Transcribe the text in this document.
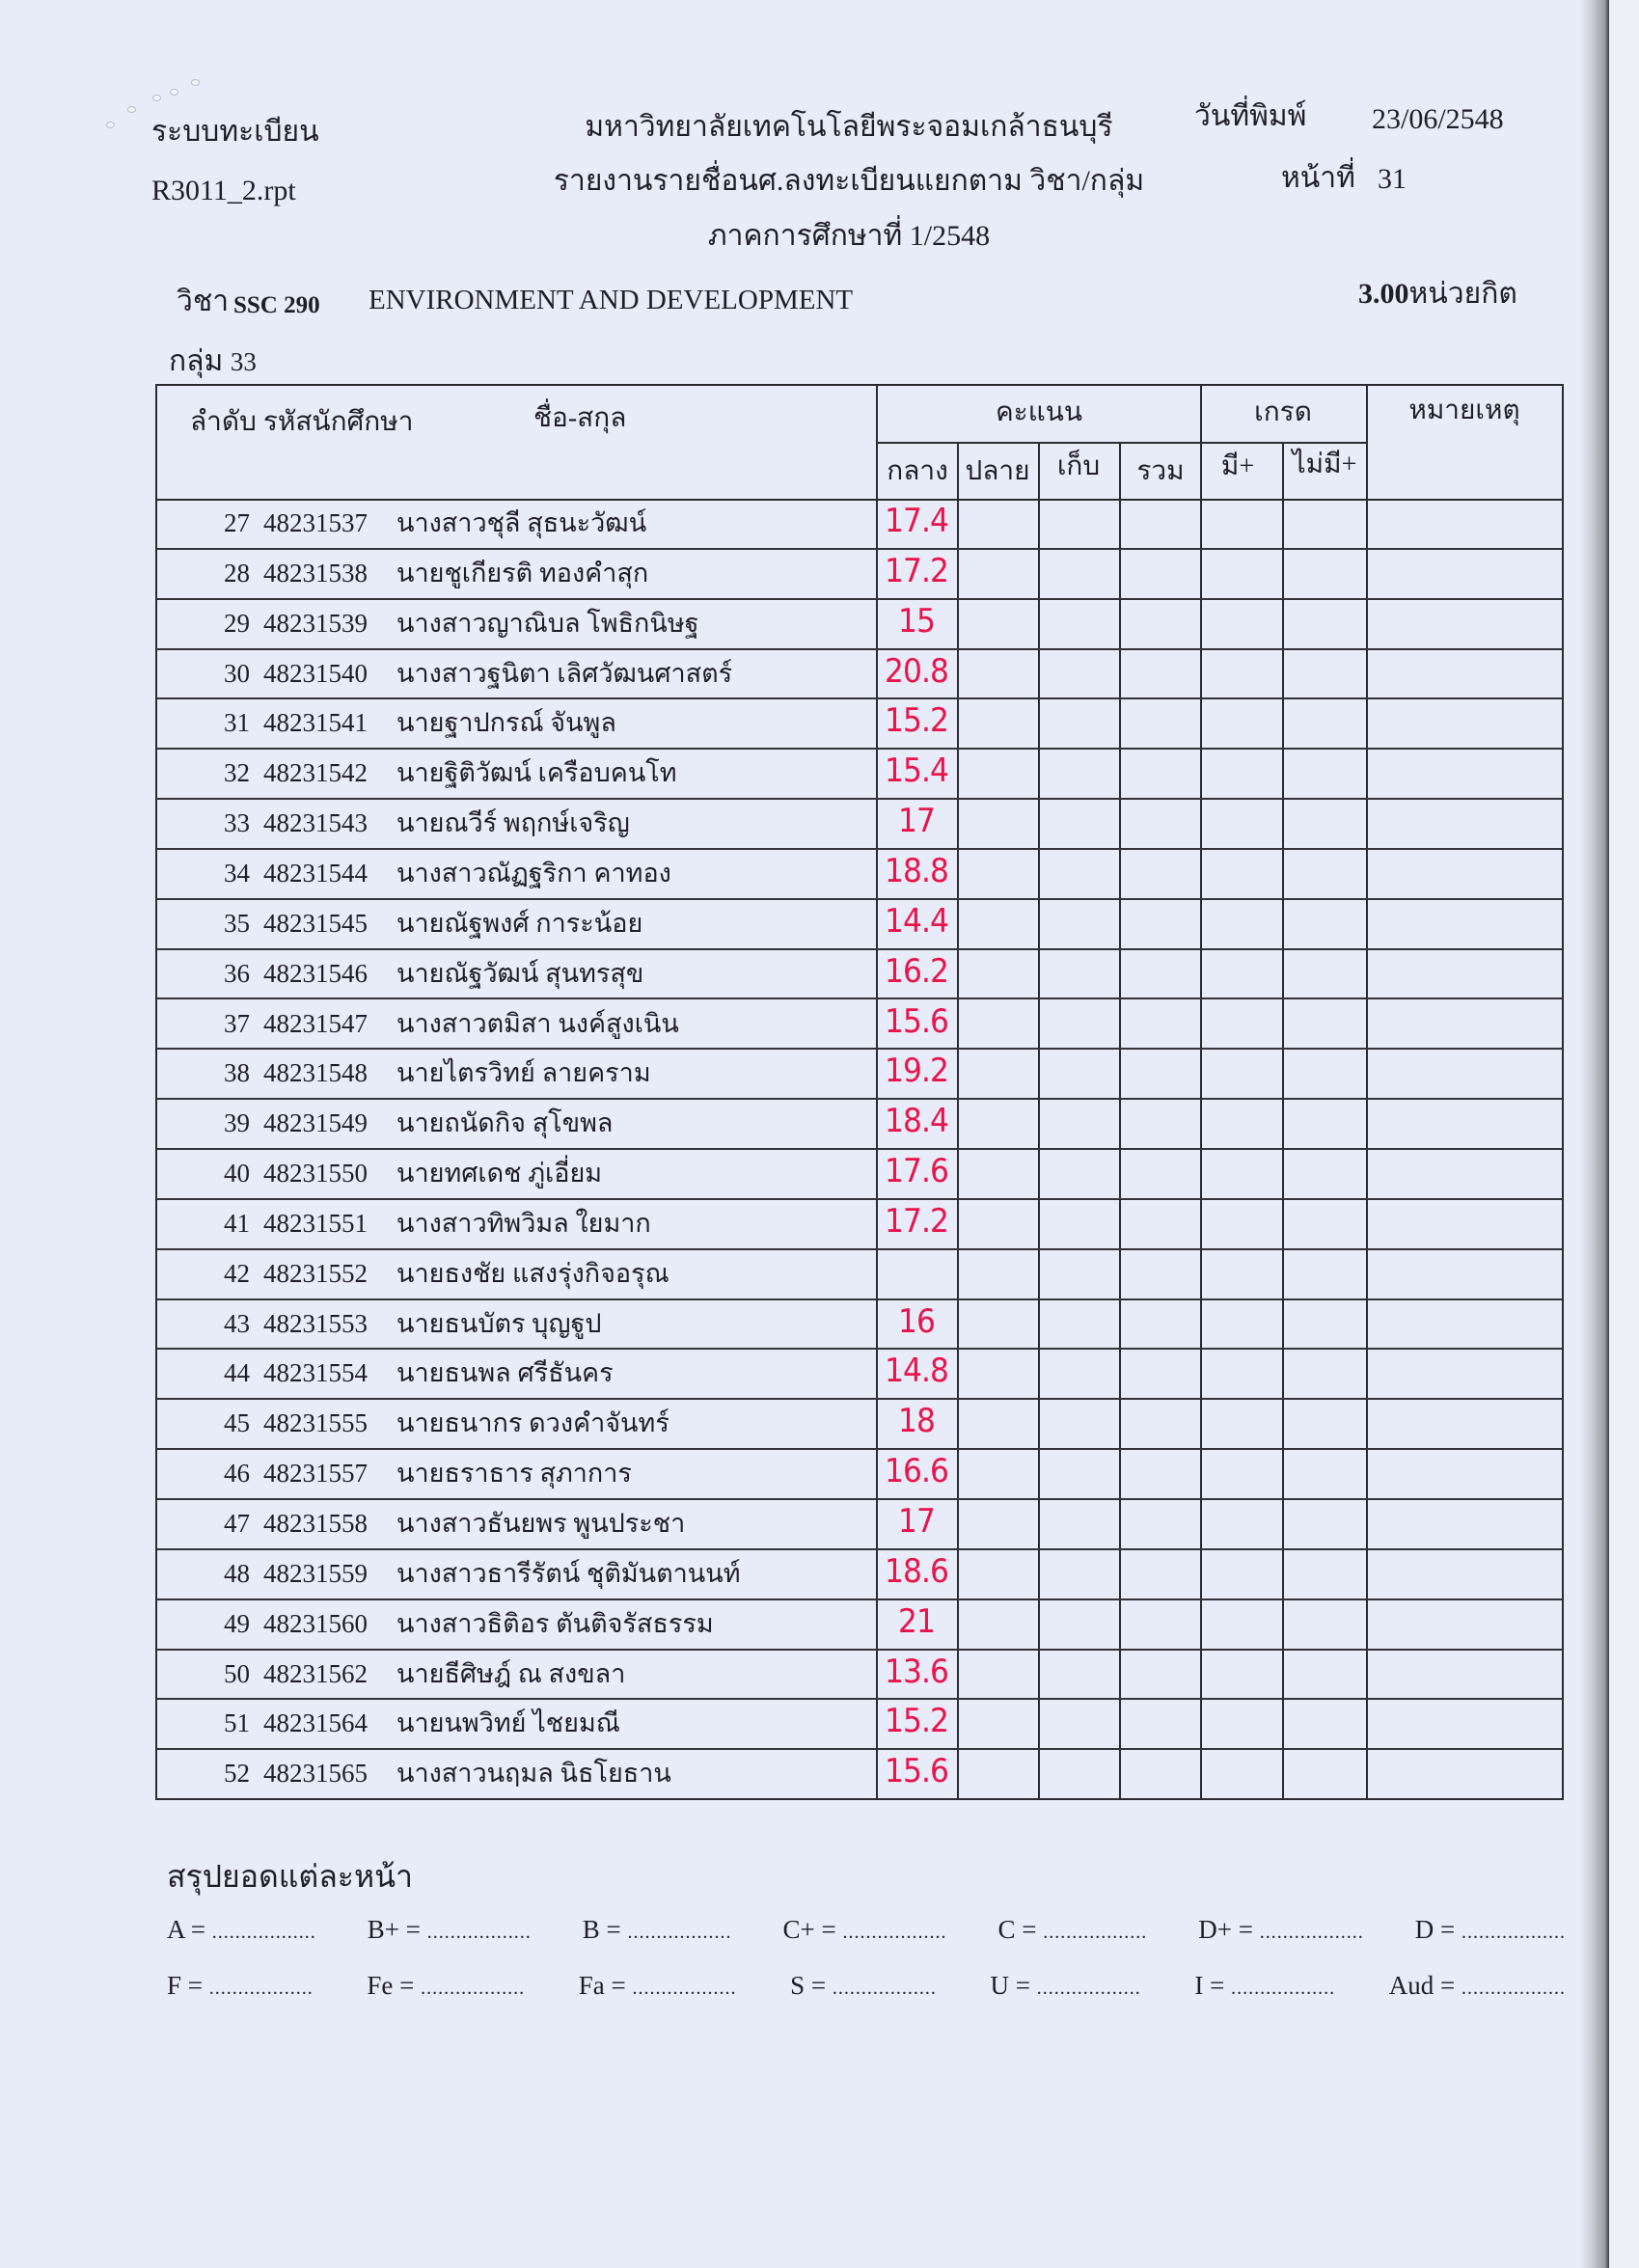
ระบบทะเบียน
R3011_2.rpt
มหาวิทยาลัยเทคโนโลยีพระจอมเกล้าธนบุรี
รายงานรายชื่อนศ.ลงทะเบียนแยกตาม วิชา/กลุ่ม
ภาคการศึกษาที่ 1/2548
วันที่พิมพ์ 23/06/2548
หน้าที่ 31
วิชา SSC 290 ENVIRONMENT AND DEVELOPMENT	3.00หน่วยกิต
กลุ่ม 33
ลำดับ รหัสนักศึกษา	ชื่อ-สกุล	คะแนน	เกรด	หมายเหตุ
กลาง ปลาย เก็บ รวม มี+ ไม่มี+
27 48231537 นางสาวชุลี สุธนะวัฒน์	17.4
28 48231538 นายชูเกียรติ ทองคำสุก	17.2
29 48231539 นางสาวญาณิบล โพธิกนิษฐ	15
30 48231540 นางสาวฐนิตา เลิศวัฒนศาสตร์	20.8
31 48231541 นายฐาปกรณ์ จันพูล	15.2
32 48231542 นายฐิติวัฒน์ เครือบคนโท	15.4
33 48231543 นายณวีร์ พฤกษ์เจริญ	17
34 48231544 นางสาวณัฏฐริกา คาทอง	18.8
35 48231545 นายณัฐพงศ์ การะน้อย	14.4
36 48231546 นายณัฐวัฒน์ สุนทรสุข	16.2
37 48231547 นางสาวตมิสา นงค์สูงเนิน	15.6
38 48231548 นายไตรวิทย์ ลายคราม	19.2
39 48231549 นายถนัดกิจ สุโขพล	18.4
40 48231550 นายทศเดช ภู่เอี่ยม	17.6
41 48231551 นางสาวทิพวิมล ใยมาก	17.2
42 48231552 นายธงชัย แสงรุ่งกิจอรุณ
43 48231553 นายธนบัตร บุญฐูป	16
44 48231554 นายธนพล ศรีธันคร	14.8
45 48231555 นายธนากร ดวงคำจันทร์	18
46 48231557 นายธราธาร สุภาการ	16.6
47 48231558 นางสาวธันยพร พูนประชา	17
48 48231559 นางสาวธารีรัตน์ ชุติมันตานนท์	18.6
49 48231560 นางสาวธิติอร ตันติจรัสธรรม	21
50 48231562 นายธีศิษฎ์ ณ สงขลา	13.6
51 48231564 นายนพวิทย์ ไชยมณี	15.2
52 48231565 นางสาวนฤมล นิธโยธาน	15.6
สรุปยอดแต่ละหน้า
A = .................. B+ = .................. B = .................. C+ = .................. C = .................. D+ = .................. D = ..................
F = .................. Fe = .................. Fa = .................. S = .................. U = .................. I = .................. Aud = ..................
